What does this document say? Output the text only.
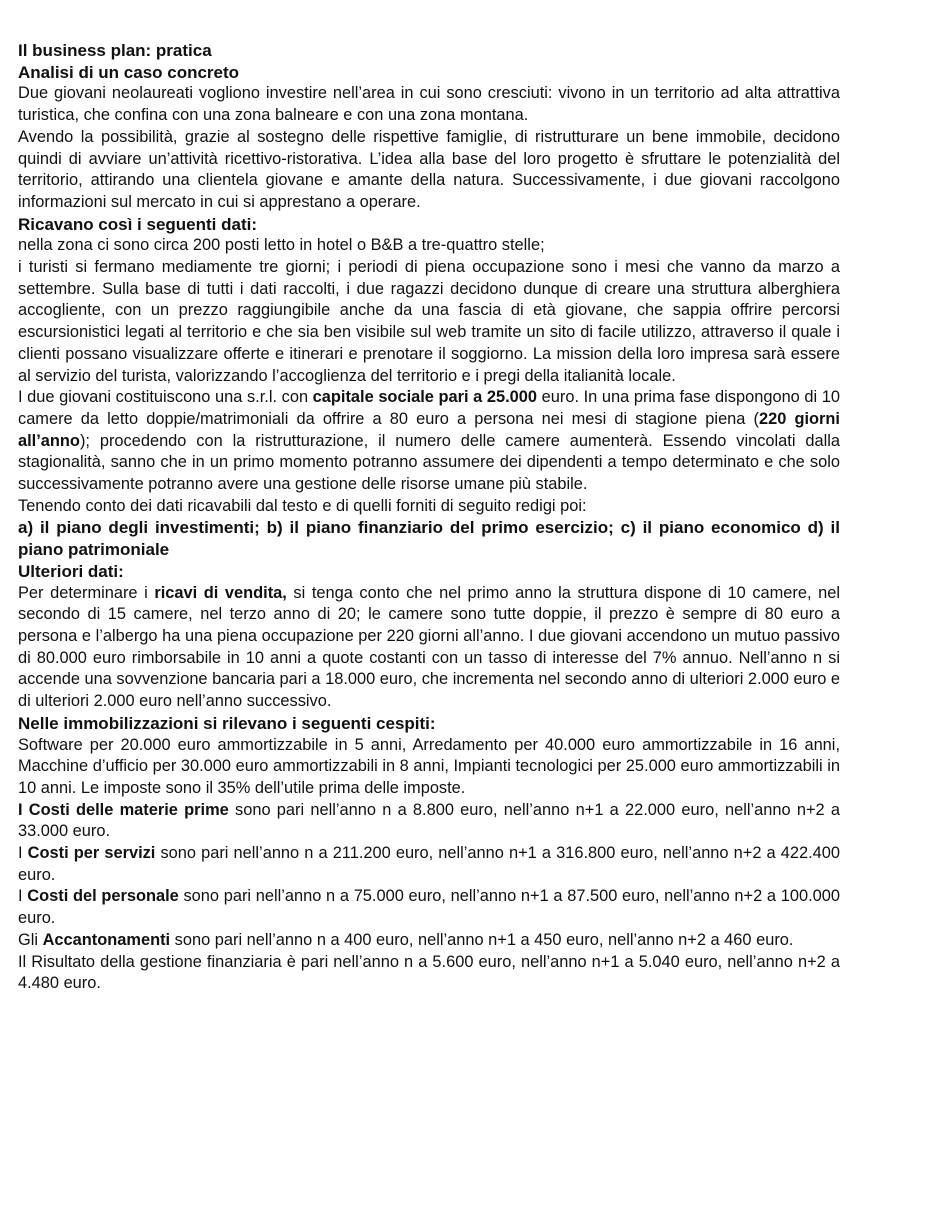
Il business plan: pratica

Analisi di un caso concreto

Due giovani neolaureati vogliono investire nell’area in cui sono cresciuti: vivono in un territorio ad alta attrattiva turistica, che confina con una zona balneare e con una zona montana.

Avendo la possibilità, grazie al sostegno delle rispettive famiglie, di ristrutturare un bene immobile, decidono quindi di avviare un’attività ricettivo-ristorativa. L’idea alla base del loro progetto è sfruttare le potenzialità del territorio, attirando una clientela giovane e amante della natura. Successivamente, i due giovani raccolgono informazioni sul mercato in cui si apprestano a operare.

Ricavano così i seguenti dati:

nella zona ci sono circa 200 posti letto in hotel o B&B a tre-quattro stelle;

i turisti si fermano mediamente tre giorni; i periodi di piena occupazione sono i mesi che vanno da marzo a settembre. Sulla base di tutti i dati raccolti, i due ragazzi decidono dunque di creare una struttura alberghiera accogliente, con un prezzo raggiungibile anche da una fascia di età giovane, che sappia offrire percorsi escursionistici legati al territorio e che sia ben visibile sul web tramite un sito di facile utilizzo, attraverso il quale i clienti possano visualizzare offerte e itinerari e prenotare il soggiorno. La mission della loro impresa sarà essere al servizio del turista, valorizzando l’accoglienza del territorio e i pregi della italianità locale.

I due giovani costituiscono una s.r.l. con capitale sociale pari a 25.000 euro. In una prima fase dispongono di 10 camere da letto doppie/matrimoniali da offrire a 80 euro a persona nei mesi di stagione piena (220 giorni all’anno); procedendo con la ristrutturazione, il numero delle camere aumenterà. Essendo vincolati dalla stagionalità, sanno che in un primo momento potranno assumere dei dipendenti a tempo determinato e che solo successivamente potranno avere una gestione delle risorse umane più stabile.

Tenendo conto dei dati ricavabili dal testo e di quelli forniti di seguito redigi poi:

a) il piano degli investimenti; b) il piano finanziario del primo esercizio; c) il piano economico d) il piano patrimoniale

Ulteriori dati:

Per determinare i ricavi di vendita, si tenga conto che nel primo anno la struttura dispone di 10 camere, nel secondo di 15 camere, nel terzo anno di 20; le camere sono tutte doppie, il prezzo è sempre di 80 euro a persona e l’albergo ha una piena occupazione per 220 giorni all’anno. I due giovani accendono un mutuo passivo di 80.000 euro rimborsabile in 10 anni a quote costanti con un tasso di interesse del 7% annuo. Nell’anno n si accende una sovvenzione bancaria pari a 18.000 euro, che incrementa nel secondo anno di ulteriori 2.000 euro e di ulteriori 2.000 euro nell’anno successivo.

Nelle immobilizzazioni si rilevano i seguenti cespiti:

Software per 20.000 euro ammortizzabile in 5 anni, Arredamento per 40.000 euro ammortizzabile in 16 anni, Macchine d’ufficio per 30.000 euro ammortizzabili in 8 anni, Impianti tecnologici per 25.000 euro ammortizzabili in 10 anni. Le imposte sono il 35% dell’utile prima delle imposte.

I Costi delle materie prime sono pari nell’anno n a 8.800 euro, nell’anno n+1 a 22.000 euro, nell’anno n+2 a 33.000 euro.

I Costi per servizi sono pari nell’anno n a 211.200 euro, nell’anno n+1 a 316.800 euro, nell’anno n+2 a 422.400 euro.

I Costi del personale sono pari nell’anno n a 75.000 euro, nell’anno n+1 a 87.500 euro, nell’anno n+2 a 100.000 euro.

Gli Accantonamenti sono pari nell’anno n a 400 euro, nell’anno n+1 a 450 euro, nell’anno n+2 a 460 euro.

Il Risultato della gestione finanziaria è pari nell’anno n a 5.600 euro, nell’anno n+1 a 5.040 euro, nell’anno n+2 a 4.480 euro.
